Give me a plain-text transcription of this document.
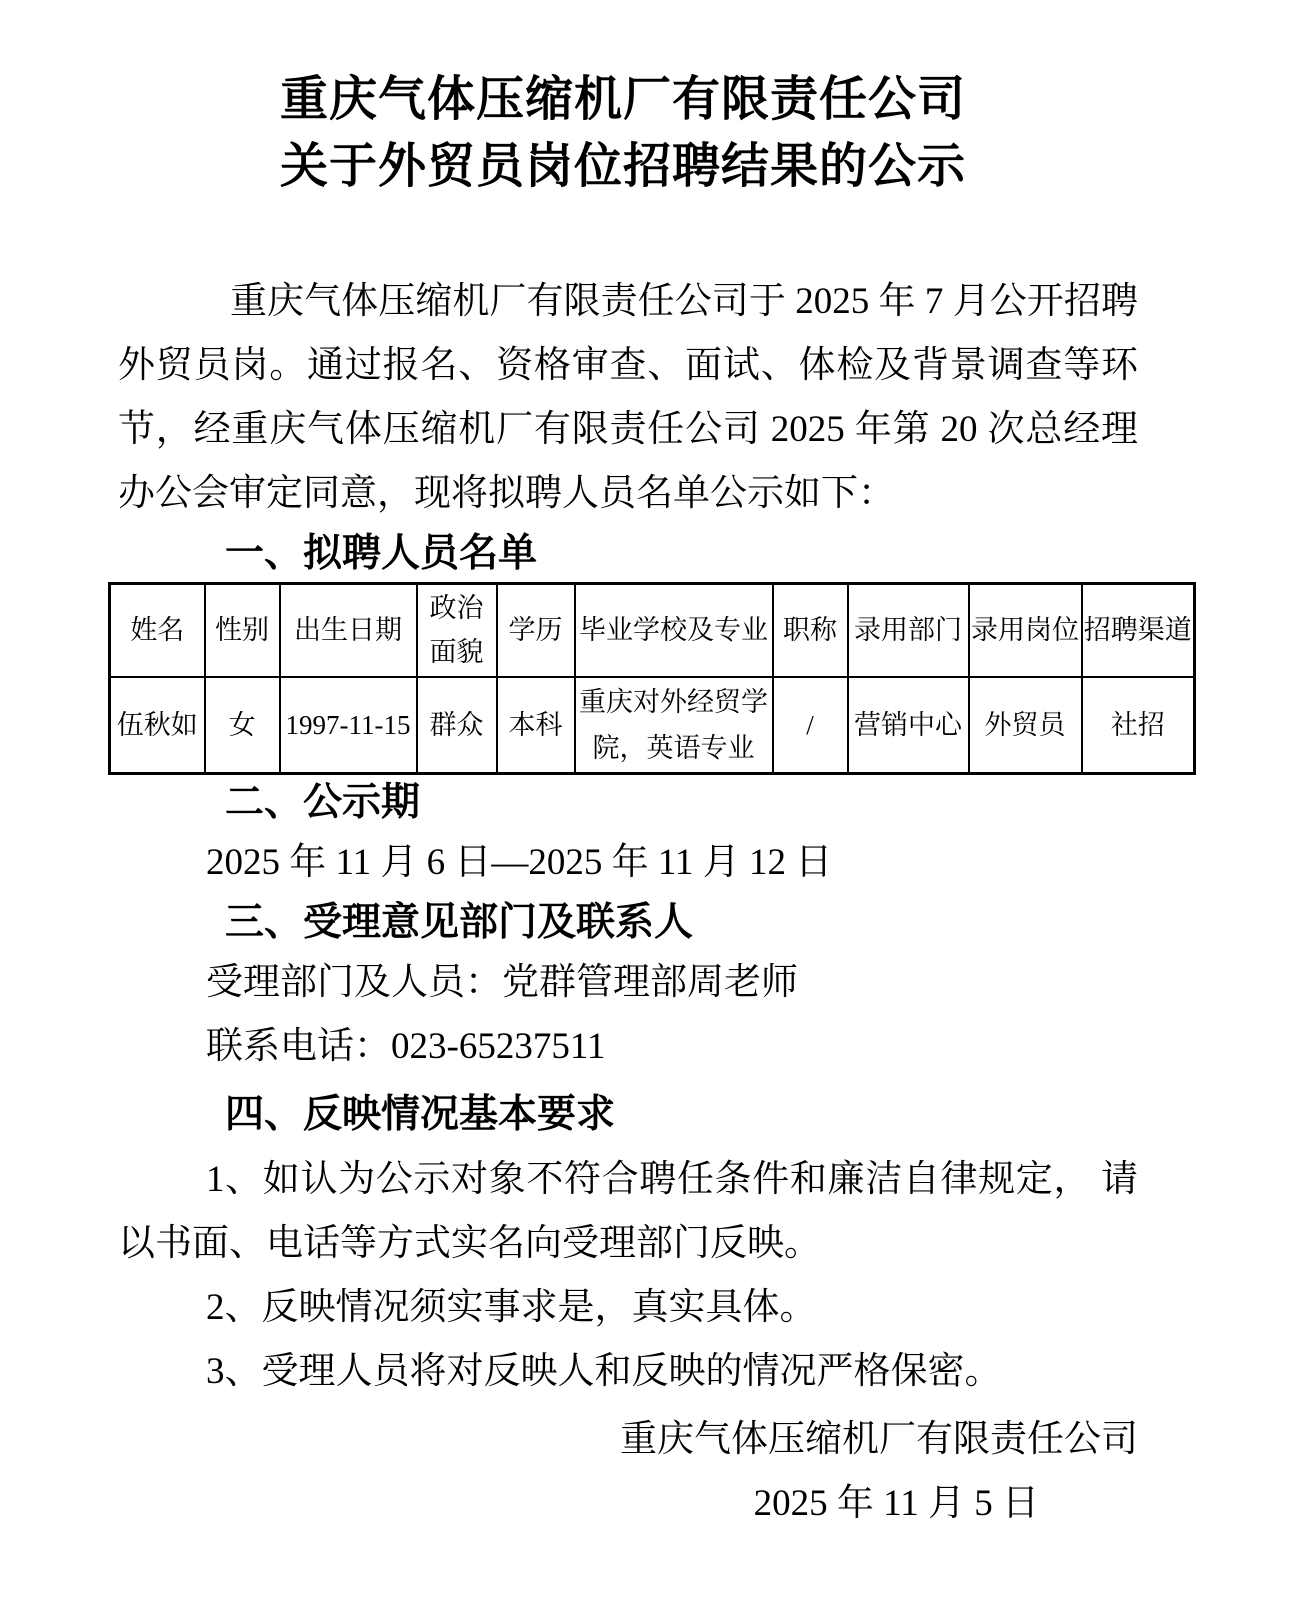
重庆气体压缩机厂有限责任公司
关于外贸员岗位招聘结果的公示
重庆气体压缩机厂有限责任公司于 2025 年 7 月公开招聘外贸员岗。通过报名、资格审查、面试、体检及背景调查等环节，经重庆气体压缩机厂有限责任公司 2025 年第 20 次总经理办公会审定同意，现将拟聘人员名单公示如下：
一、拟聘人员名单
姓名	性别	出生日期	政治面貌	学历	毕业学校及专业	职称	录用部门	录用岗位	招聘渠道
伍秋如	女	1997-11-15	群众	本科	重庆对外经贸学院，英语专业	/	营销中心	外贸员	社招
二、公示期
2025 年 11 月 6 日—2025 年 11 月 12 日
三、受理意见部门及联系人
受理部门及人员：党群管理部周老师
联系电话：023-65237511
四、反映情况基本要求
1、如认为公示对象不符合聘任条件和廉洁自律规定， 请以书面、电话等方式实名向受理部门反映。
2、反映情况须实事求是，真实具体。
3、受理人员将对反映人和反映的情况严格保密。
重庆气体压缩机厂有限责任公司
2025 年 11 月 5 日
